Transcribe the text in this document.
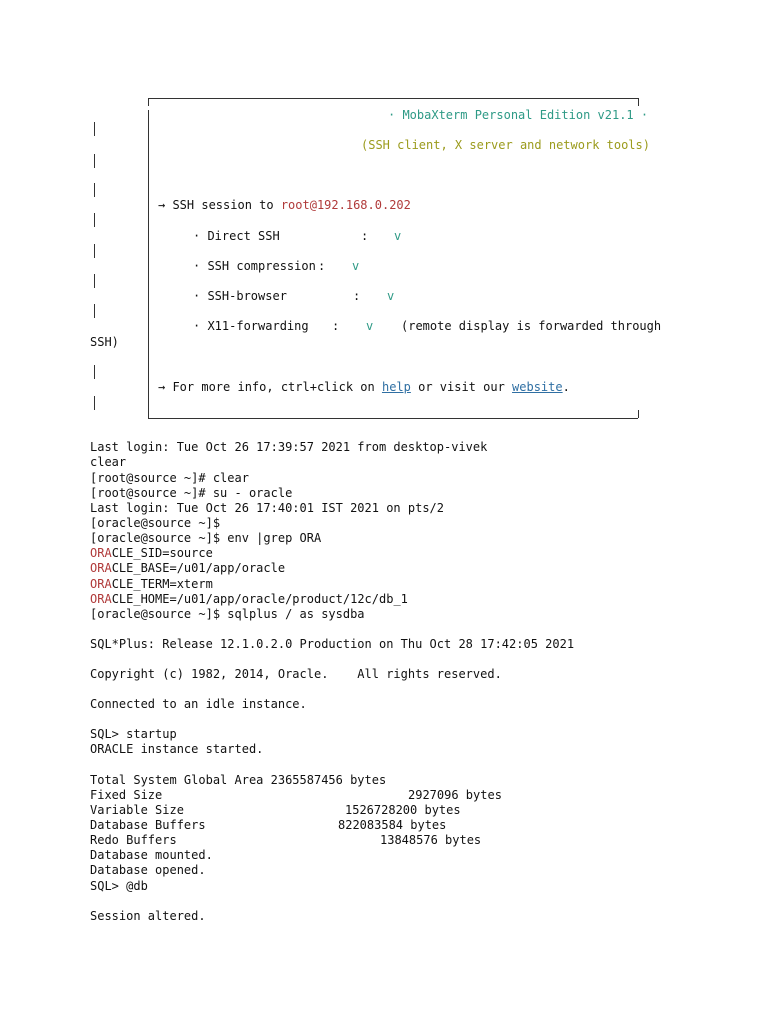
· MobaXterm Personal Edition v21.1 ·
(SSH client, X server and network tools)
→ SSH session to root@192.168.0.202
· Direct SSH	: v
· SSH compression : v
· SSH-browser	: v
· X11-forwarding : v (remote display is forwarded through
SSH)
→ For more info, ctrl+click on help or visit our website.
Last login: Tue Oct 26 17:39:57 2021 from desktop-vivek
clear
[root@source ~]# clear
[root@source ~]# su - oracle
Last login: Tue Oct 26 17:40:01 IST 2021 on pts/2
[oracle@source ~]$
[oracle@source ~]$ env |grep ORA
ORACLE_SID=source
ORACLE_BASE=/u01/app/oracle
ORACLE_TERM=xterm
ORACLE_HOME=/u01/app/oracle/product/12c/db_1
[oracle@source ~]$ sqlplus / as sysdba
SQL*Plus: Release 12.1.0.2.0 Production on Thu Oct 28 17:42:05 2021
Copyright (c) 1982, 2014, Oracle.    All rights reserved.
Connected to an idle instance.
SQL> startup
ORACLE instance started.
Total System Global Area 2365587456 bytes
Fixed Size	2927096 bytes
Variable Size	1526728200 bytes
Database Buffers	822083584 bytes
Redo Buffers	13848576 bytes
Database mounted.
Database opened.
SQL> @db
Session altered.
